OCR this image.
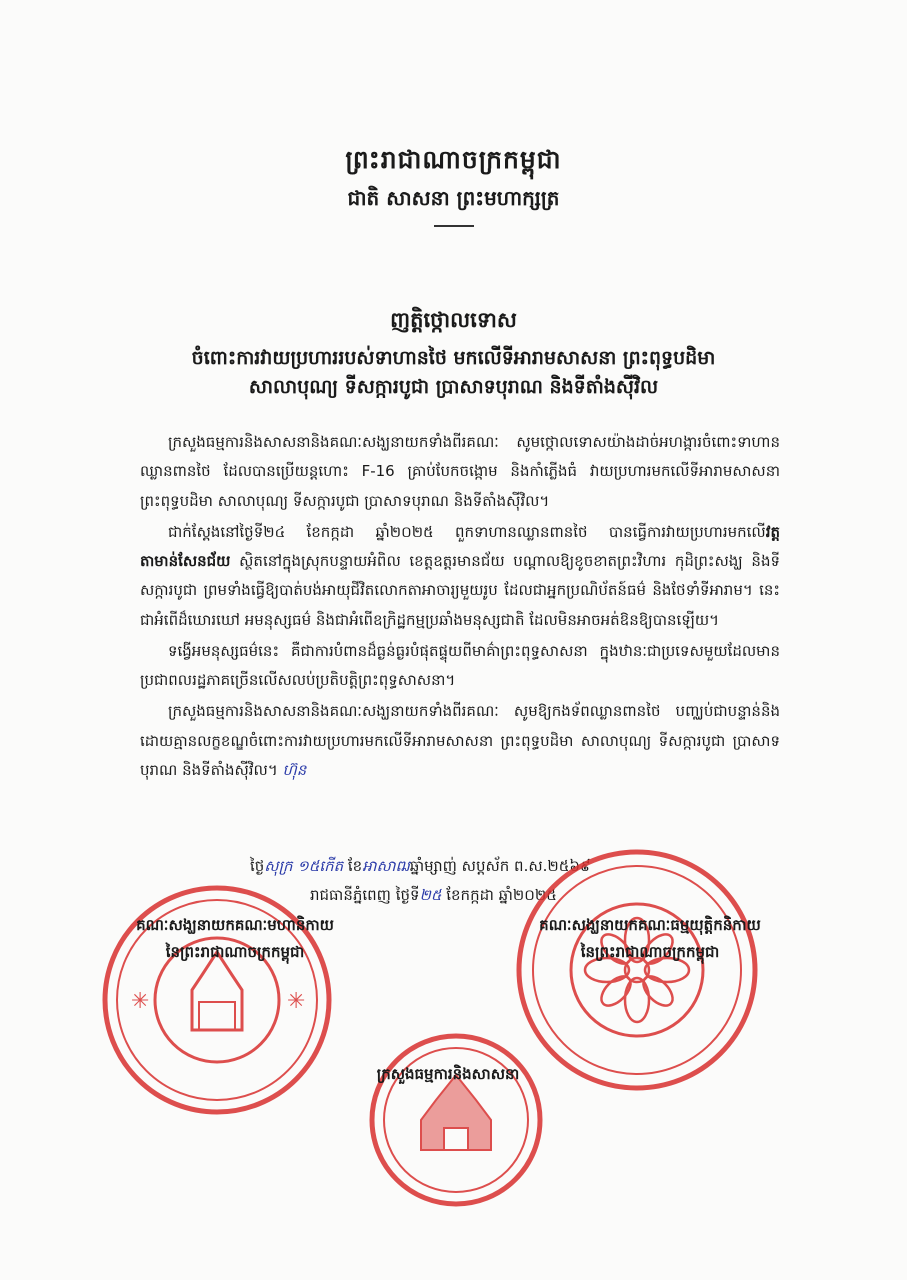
ព្រះរាជាណាចក្រកម្ពុជា
ជាតិ សាសនា ព្រះមហាក្សត្រ
ញត្តិថ្កោលទោស
ចំពោះការវាយប្រហាររបស់ទាហានថៃ មកលើទីអារាមសាសនា ព្រះពុទ្ធបដិមា
សាលាបុណ្យ ទីសក្ការបូជា ប្រាសាទបុរាណ និងទីតាំងស៊ីវិល

ក្រសួងធម្មការនិងសាសនានិងគណៈសង្ឃនាយកទាំងពីរគណៈ សូមថ្កោលទោសយ៉ាងដាច់អហង្ការចំពោះទាហានឈ្លានពានថៃ ដែលបានប្រើយន្តហោះ F-16 គ្រាប់បែកចង្កោម និងកាំភ្លើងធំ វាយប្រហារមកលើទីអារាមសាសនា ព្រះពុទ្ធបដិមា សាលាបុណ្យ ទីសក្ការបូជា ប្រាសាទបុរាណ និងទីតាំងស៊ីវិល។

ជាក់ស្តែងនៅថ្ងៃទី២៤ ខែកក្កដា ឆ្នាំ២០២៥ ពួកទាហានឈ្លានពានថៃ បានធ្វើការវាយប្រហារមកលើវត្តតាមាន់សែនជ័យ ស្ថិតនៅក្នុងស្រុកបន្ទាយអំពិល ខេត្តឧត្តរមានជ័យ បណ្តាលឱ្យខូចខាតព្រះវិហារ កុដិព្រះសង្ឃ និងទីសក្ការបូជា ព្រមទាំងធ្វើឱ្យបាត់បង់អាយុជីវិតលោកតាអាចារ្យមួយរូប ដែលជាអ្នកប្រណិប័តន៍ធម៌ និងថែទាំទីអារាម។ នេះជាអំពើដ៏ឃោរឃៅ អមនុស្សធម៌ និងជាអំពើឧក្រិដ្ឋកម្មប្រឆាំងមនុស្សជាតិ ដែលមិនអាចអត់ឱនឱ្យបានឡើយ។

ទង្វើអមនុស្សធម៌នេះ គឺជាការបំពានដ៏ធ្ងន់ធ្ងរបំផុតផ្ទុយពីមាគ៌ាព្រះពុទ្ធសាសនា ក្នុងឋានៈជាប្រទេសមួយដែលមានប្រជាពលរដ្ឋភាគច្រើនលើសលប់ប្រតិបត្តិព្រះពុទ្ធសាសនា។

ក្រសួងធម្មការនិងសាសនានិងគណៈសង្ឃនាយកទាំងពីរគណៈ សូមឱ្យកងទ័ពឈ្លានពានថៃ បញ្ឈប់ជាបន្ទាន់និងដោយគ្មានលក្ខខណ្ឌចំពោះការវាយប្រហារមកលើទីអារាមសាសនា ព្រះពុទ្ធបដិមា សាលាបុណ្យ ទីសក្ការបូជា ប្រាសាទបុរាណ និងទីតាំងស៊ីវិល។ ហ៊ុន

ថ្ងៃសុក្រ ១៥កើត ខែអាសាឍឆ្នាំម្សាញ់ សប្តស័ក ព.ស.២៥៦៩
រាជធានីភ្នំពេញ ថ្ងៃទី២៥ ខែកក្កដា ឆ្នាំ២០២៥
✳	✳
គណៈសង្ឃនាយកគណៈមហានិកាយ
នៃព្រះរាជាណាចក្រកម្ពុជា
គណៈសង្ឃនាយកគណៈធម្មយុត្តិកនិកាយ
នៃព្រះរាជាណាចក្រកម្ពុជា
ក្រសួងធម្មការនិងសាសនា
